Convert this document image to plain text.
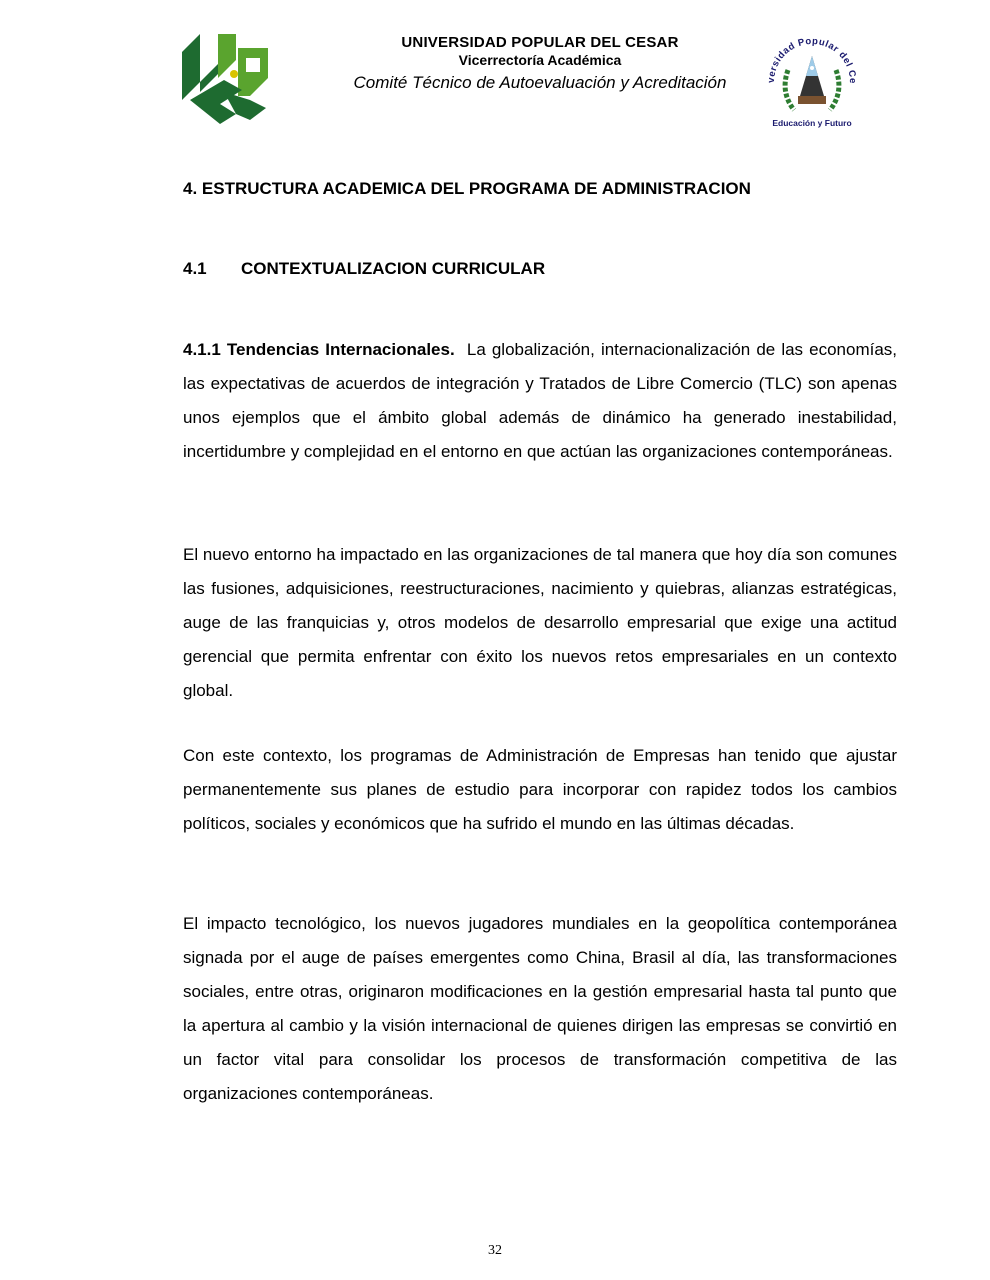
UNIVERSIDAD POPULAR DEL CESAR
Vicerrectoría Académica
Comité Técnico de Autoevaluación y Acreditación	versidad Popular del Ce
Educación y Futuro
4. ESTRUCTURA ACADEMICA DEL PROGRAMA DE ADMINISTRACION
4.1 CONTEXTUALIZACION CURRICULAR
4.1.1 Tendencias Internacionales. La globalización, internacionalización de las economías, las expectativas de acuerdos de integración y Tratados de Libre Comercio (TLC) son apenas unos ejemplos que el ámbito global además de dinámico ha generado inestabilidad, incertidumbre y complejidad en el entorno en que actúan las organizaciones contemporáneas.
El nuevo entorno ha impactado en las organizaciones de tal manera que hoy día son comunes las fusiones, adquisiciones, reestructuraciones, nacimiento y quiebras, alianzas estratégicas, auge de las franquicias y, otros modelos de desarrollo empresarial que exige una actitud gerencial que permita enfrentar con éxito los nuevos retos empresariales en un contexto global.
Con este contexto, los programas de Administración de Empresas han tenido que ajustar permanentemente sus planes de estudio para incorporar con rapidez todos los cambios políticos, sociales y económicos que ha sufrido el mundo en las últimas décadas.
El impacto tecnológico, los nuevos jugadores mundiales en la geopolítica contemporánea signada por el auge de países emergentes como China, Brasil al día, las transformaciones sociales, entre otras, originaron modificaciones en la gestión empresarial hasta tal punto que la apertura al cambio y la visión internacional de quienes dirigen las empresas se convirtió en un factor vital para consolidar los procesos de transformación competitiva de las organizaciones contemporáneas.
32
